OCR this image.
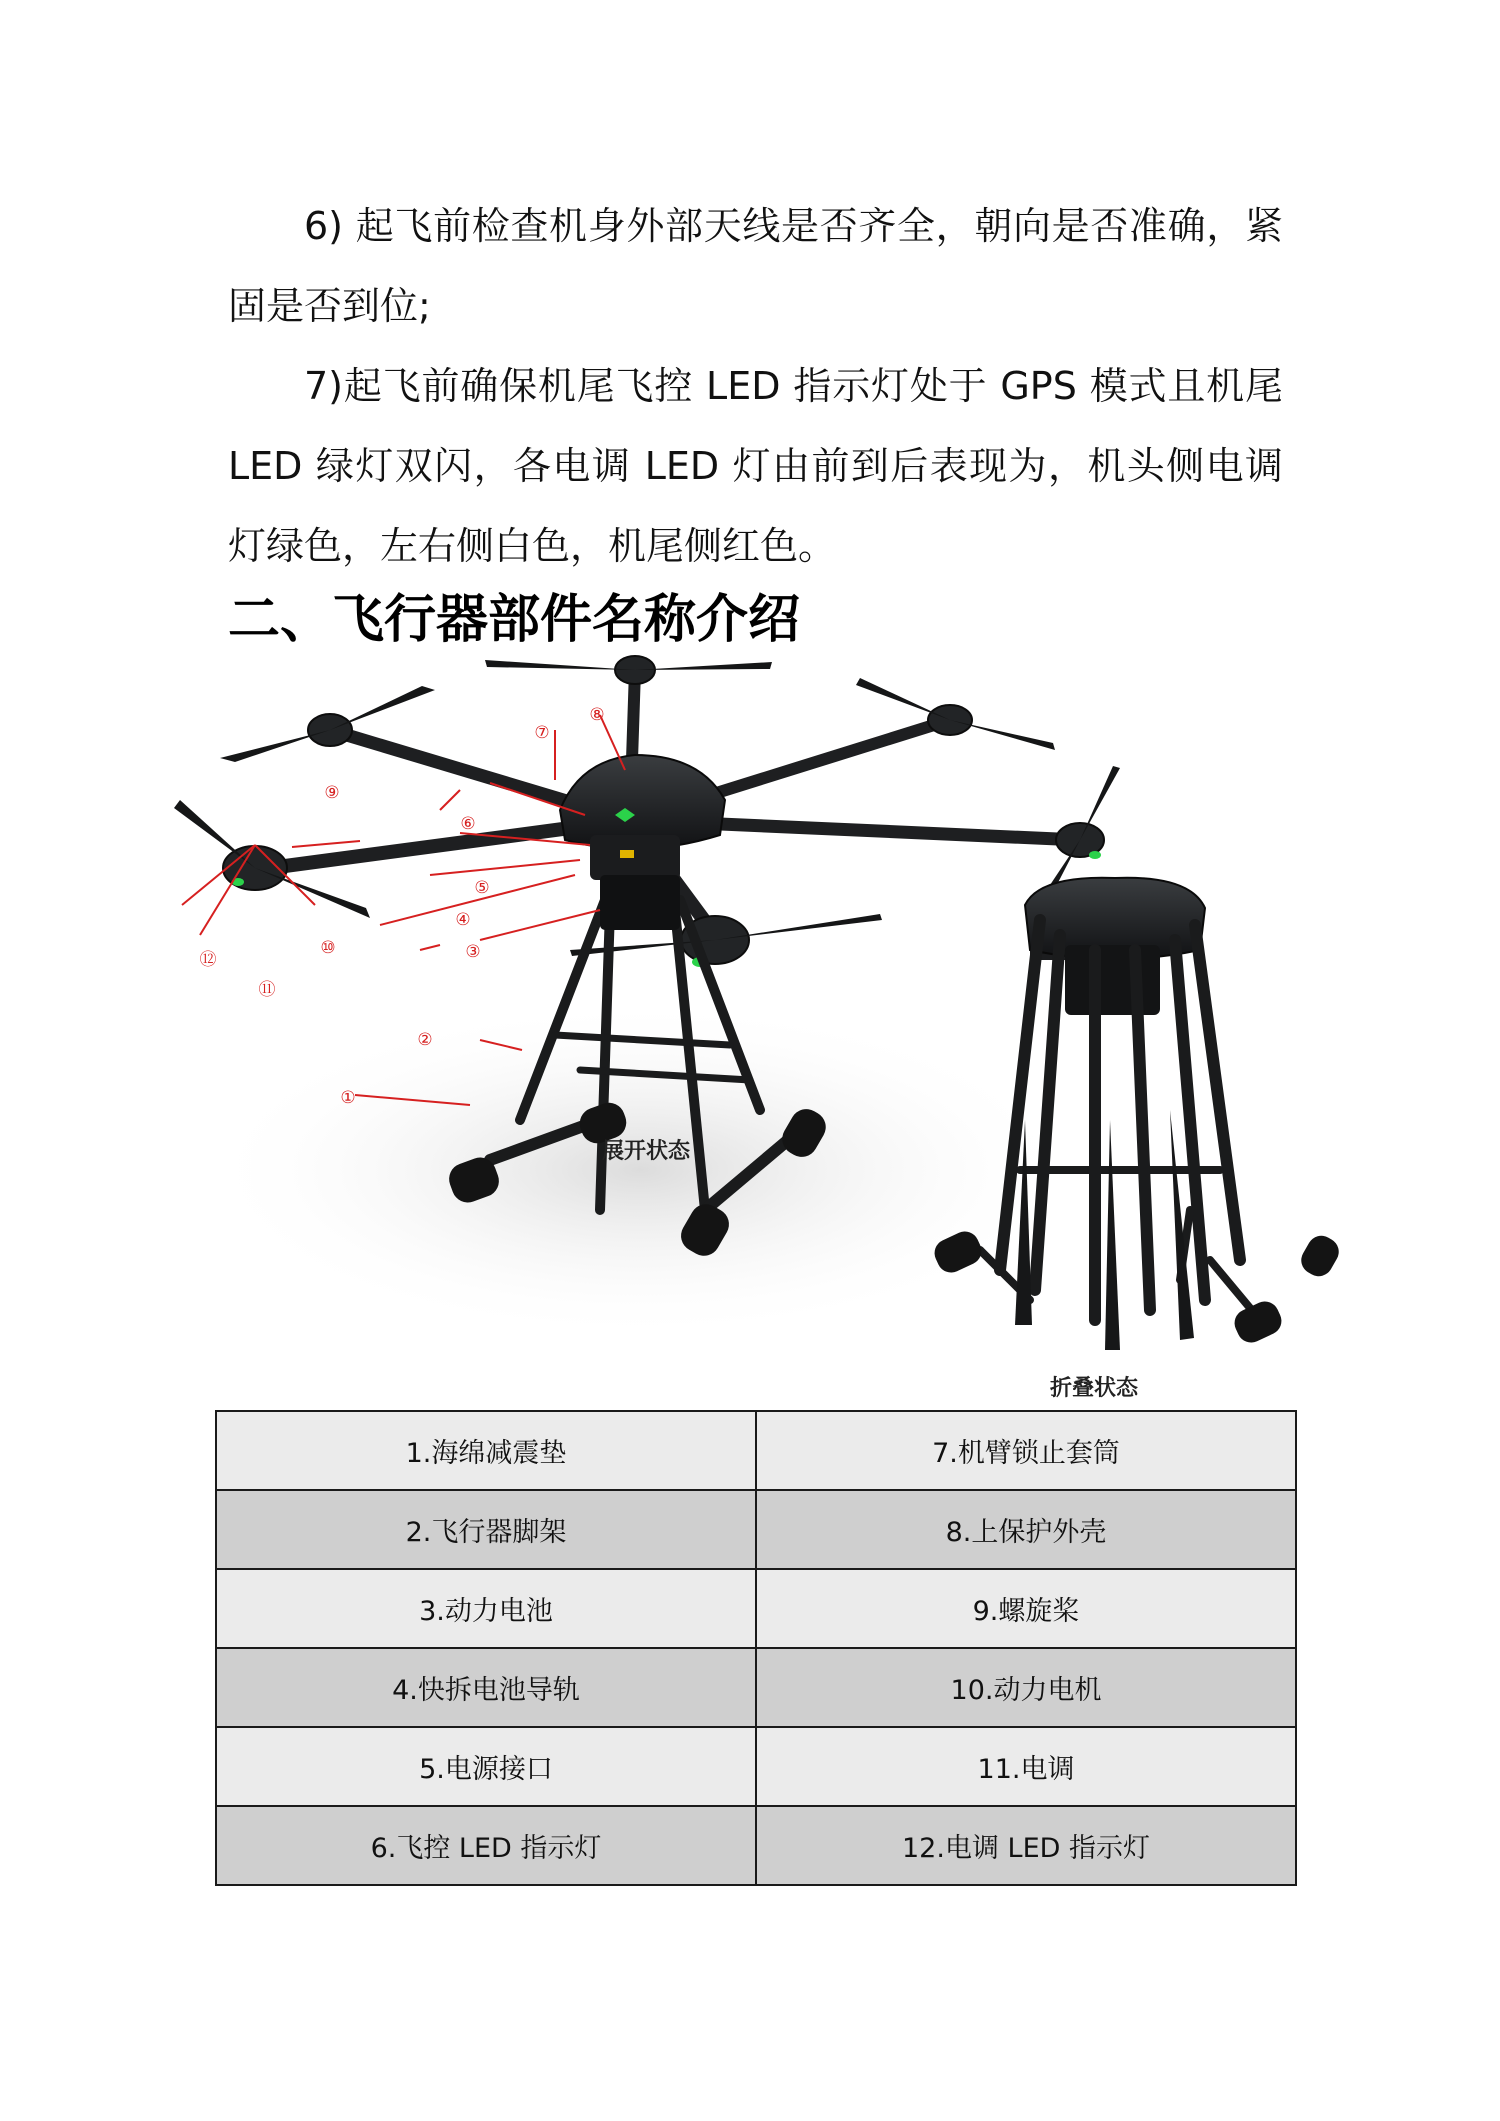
6) 起飞前检查机身外部天线是否齐全，朝向是否准确，紧固是否到位;

7)起飞前确保机尾飞控 LED 指示灯处于 GPS 模式且机尾 LED 绿灯双闪，各电调 LED 灯由前到后表现为，机头侧电调灯绿色，左右侧白色，机尾侧红色。

二、飞行器部件名称介绍
①
②
③
④
⑤
⑥
⑦
⑧
⑨
⑩
⑪
⑫
展开状态
折叠状态
1.海绵减震垫	7.机臂锁止套筒
2.飞行器脚架	8.上保护外壳
3.动力电池	9.螺旋桨
4.快拆电池导轨	10.动力电机
5.电源接口	11.电调
6.飞控 LED 指示灯	12.电调 LED 指示灯
